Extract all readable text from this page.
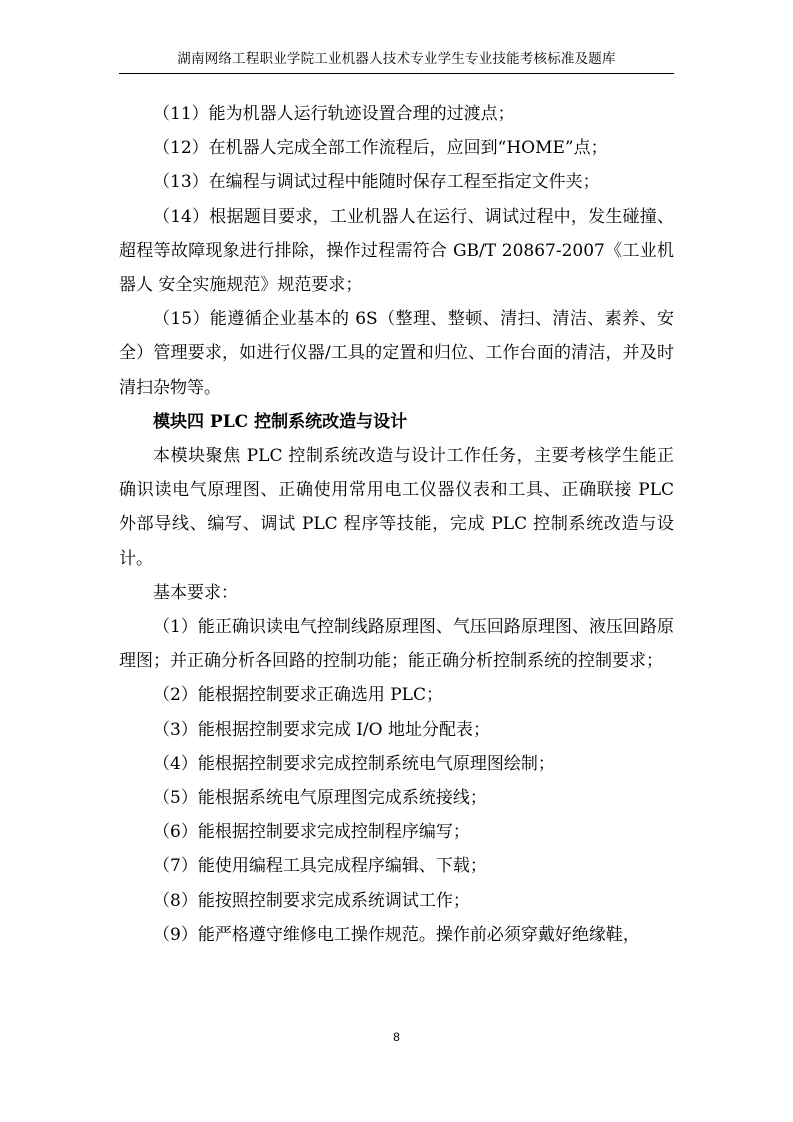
湖南网络工程职业学院工业机器人技术专业学生专业技能考核标准及题库

（11）能为机器人运行轨迹设置合理的过渡点；

（12）在机器人完成全部工作流程后，应回到“HOME”点；

（13）在编程与调试过程中能随时保存工程至指定文件夹；

（14）根据题目要求，工业机器人在运行、调试过程中，发生碰撞、超程等故障现象进行排除，操作过程需符合 GB/T 20867-2007《工业机器人 安全实施规范》规范要求；

（15）能遵循企业基本的 6S（整理、整顿、清扫、清洁、素养、安全）管理要求，如进行仪器/工具的定置和归位、工作台面的清洁，并及时清扫杂物等。

模块四 PLC 控制系统改造与设计

本模块聚焦 PLC 控制系统改造与设计工作任务，主要考核学生能正确识读电气原理图、正确使用常用电工仪器仪表和工具、正确联接 PLC 外部导线、编写、调试 PLC 程序等技能，完成 PLC 控制系统改造与设计。

基本要求：

（1）能正确识读电气控制线路原理图、气压回路原理图、液压回路原理图；并正确分析各回路的控制功能；能正确分析控制系统的控制要求；

（2）能根据控制要求正确选用 PLC；

（3）能根据控制要求完成 I/O 地址分配表；

（4）能根据控制要求完成控制系统电气原理图绘制；

（5）能根据系统电气原理图完成系统接线；

（6）能根据控制要求完成控制程序编写；

（7）能使用编程工具完成程序编辑、下载；

（8）能按照控制要求完成系统调试工作；

（9）能严格遵守维修电工操作规范。操作前必须穿戴好绝缘鞋，

8
